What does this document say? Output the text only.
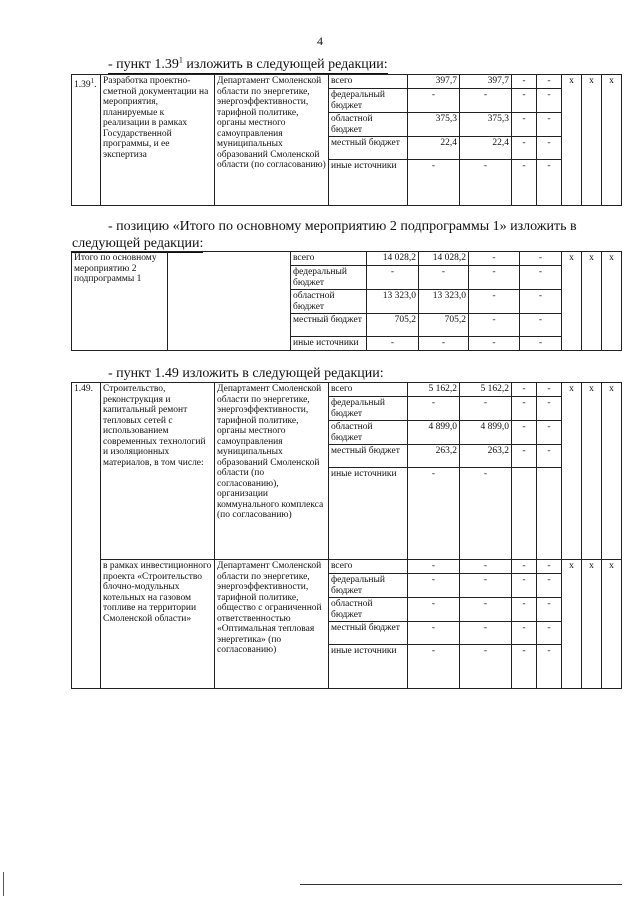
4
- пункт 1.39$^1$ изложить в следующей редакции:
1.39$^1$.	Разработка проектно-сметной документации на мероприятия, планируемые к реализации в рамках Государственной программы, и ее экспертиза	Департамент Смоленской области по энергетике, энергоэффективности, тарифной политике, органы местного самоуправления муниципальных образований Смоленской области (по согласованию)	всего	397,7	397,7	-	-	x	x	x
			федеральный бюджет	-	-	-	-			
			областной бюджет	375,3	375,3	-	-			
			местный бюджет	22,4	22,4	-	-			
			иные источники	-	-	-	-			
- позицию «Итого по основному мероприятию 2 подпрограммы 1» изложить в
следующей редакции:
Итого по основному мероприятию 2 подпрограммы 1		всего	14 028,2	14 028,2	-	-	x	x	x
		федеральный бюджет	-	-	-	-			
		областной бюджет	13 323,0	13 323,0	-	-			
		местный бюджет	705,2	705,2	-	-			
		иные источники	-	-	-	-			
- пункт 1.49 изложить в следующей редакции:
1.49.	Строительство, реконструкция и капитальный ремонт тепловых сетей с использованием современных технологий и изоляционных материалов, в том числе:	Департамент Смоленской области по энергетике, энергоэффективности, тарифной политике, органы местного самоуправления муниципальных образований Смоленской области (по согласованию), организации коммунального комплекса (по согласованию)	всего	5 162,2	5 162,2	-	-	x	x	x
			федеральный бюджет	-	-	-	-			
			областной бюджет	4 899,0	4 899,0	-	-			
			местный бюджет	263,2	263,2	-	-			
			иные источники	-	-					
	в рамках инвестиционного проекта «Строительство блочно-модульных котельных на газовом топливе на территории Смоленской области»	Департамент Смоленской области по энергетике, энергоэффективности, тарифной политике, общество с ограниченной ответственностью «Оптимальная тепловая энергетика» (по согласованию)	всего	-	-	-	-	x	x	x
			федеральный бюджет	-	-	-	-			
			областной бюджет	-	-	-	-			
			местный бюджет	-	-	-	-			
			иные источники	-	-	-	-			
